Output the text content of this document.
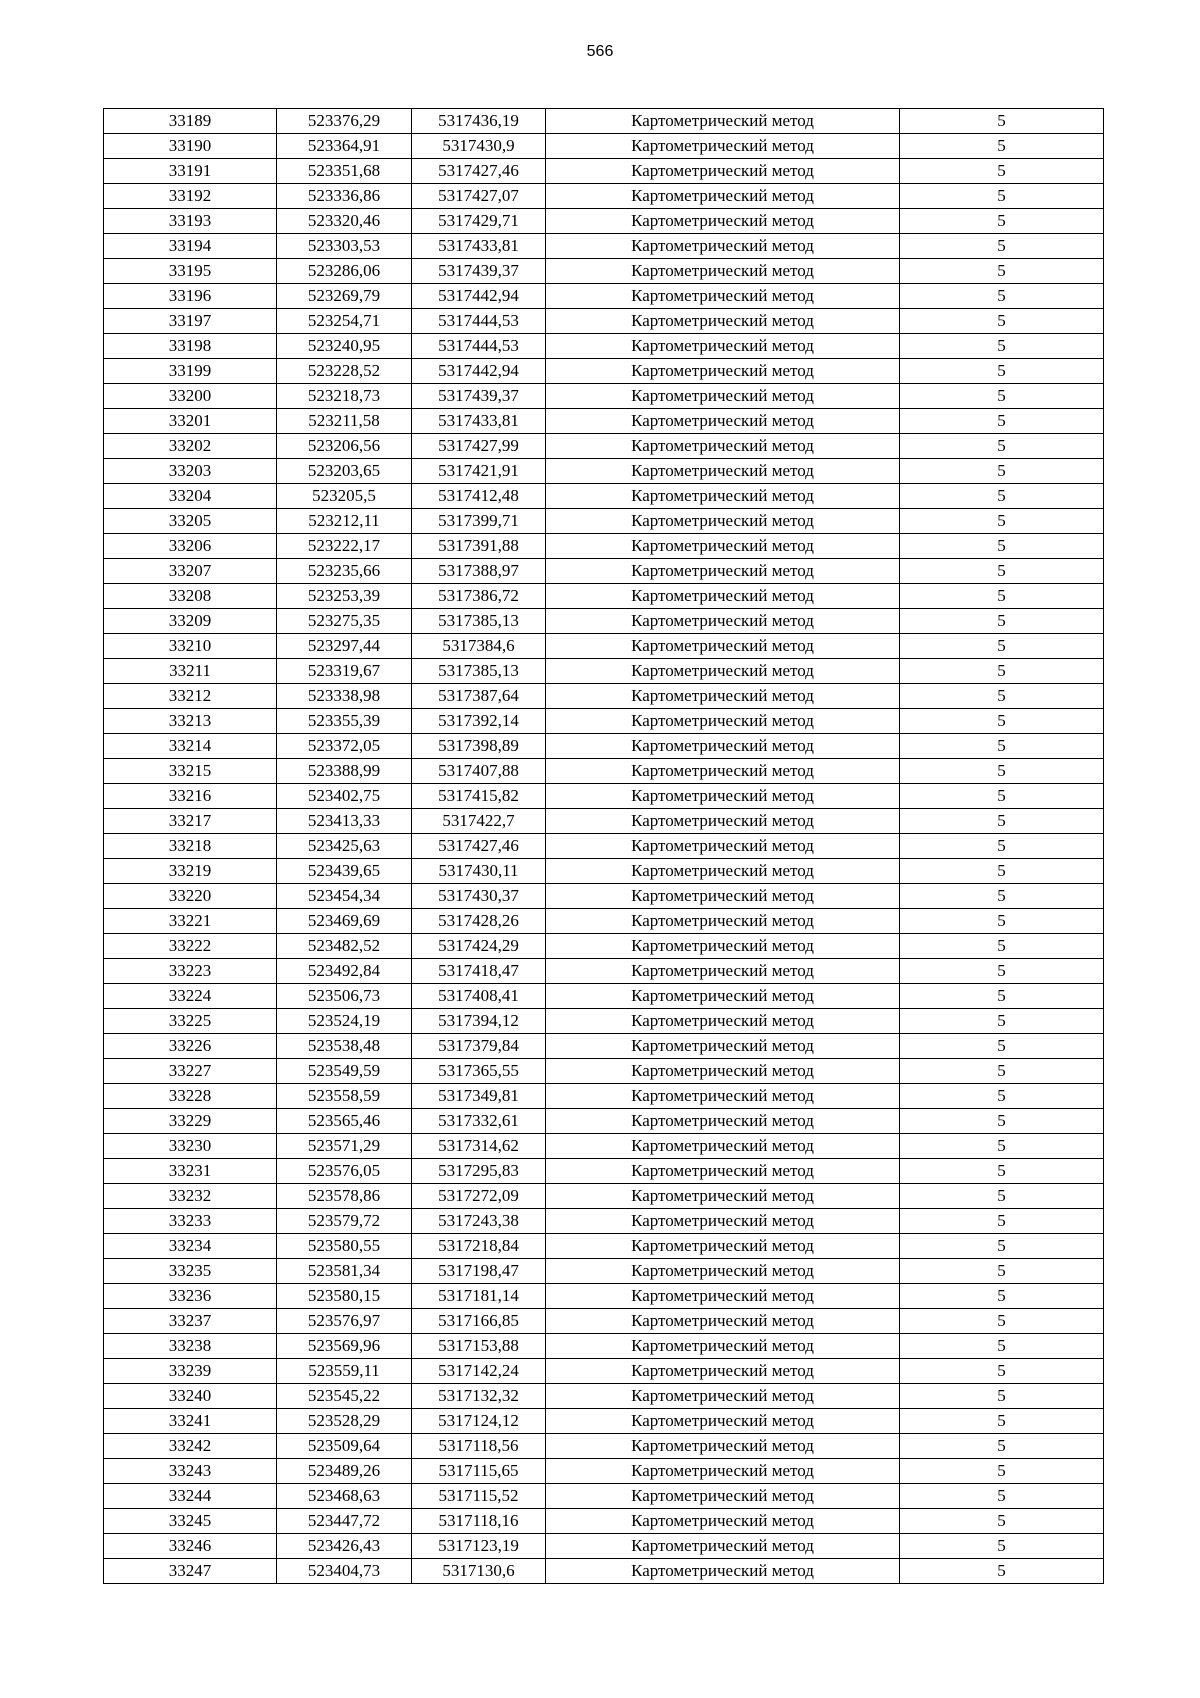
566
33189	523376,29	5317436,19	Картометрический метод	5
33190	523364,91	5317430,9	Картометрический метод	5
33191	523351,68	5317427,46	Картометрический метод	5
33192	523336,86	5317427,07	Картометрический метод	5
33193	523320,46	5317429,71	Картометрический метод	5
33194	523303,53	5317433,81	Картометрический метод	5
33195	523286,06	5317439,37	Картометрический метод	5
33196	523269,79	5317442,94	Картометрический метод	5
33197	523254,71	5317444,53	Картометрический метод	5
33198	523240,95	5317444,53	Картометрический метод	5
33199	523228,52	5317442,94	Картометрический метод	5
33200	523218,73	5317439,37	Картометрический метод	5
33201	523211,58	5317433,81	Картометрический метод	5
33202	523206,56	5317427,99	Картометрический метод	5
33203	523203,65	5317421,91	Картометрический метод	5
33204	523205,5	5317412,48	Картометрический метод	5
33205	523212,11	5317399,71	Картометрический метод	5
33206	523222,17	5317391,88	Картометрический метод	5
33207	523235,66	5317388,97	Картометрический метод	5
33208	523253,39	5317386,72	Картометрический метод	5
33209	523275,35	5317385,13	Картометрический метод	5
33210	523297,44	5317384,6	Картометрический метод	5
33211	523319,67	5317385,13	Картометрический метод	5
33212	523338,98	5317387,64	Картометрический метод	5
33213	523355,39	5317392,14	Картометрический метод	5
33214	523372,05	5317398,89	Картометрический метод	5
33215	523388,99	5317407,88	Картометрический метод	5
33216	523402,75	5317415,82	Картометрический метод	5
33217	523413,33	5317422,7	Картометрический метод	5
33218	523425,63	5317427,46	Картометрический метод	5
33219	523439,65	5317430,11	Картометрический метод	5
33220	523454,34	5317430,37	Картометрический метод	5
33221	523469,69	5317428,26	Картометрический метод	5
33222	523482,52	5317424,29	Картометрический метод	5
33223	523492,84	5317418,47	Картометрический метод	5
33224	523506,73	5317408,41	Картометрический метод	5
33225	523524,19	5317394,12	Картометрический метод	5
33226	523538,48	5317379,84	Картометрический метод	5
33227	523549,59	5317365,55	Картометрический метод	5
33228	523558,59	5317349,81	Картометрический метод	5
33229	523565,46	5317332,61	Картометрический метод	5
33230	523571,29	5317314,62	Картометрический метод	5
33231	523576,05	5317295,83	Картометрический метод	5
33232	523578,86	5317272,09	Картометрический метод	5
33233	523579,72	5317243,38	Картометрический метод	5
33234	523580,55	5317218,84	Картометрический метод	5
33235	523581,34	5317198,47	Картометрический метод	5
33236	523580,15	5317181,14	Картометрический метод	5
33237	523576,97	5317166,85	Картометрический метод	5
33238	523569,96	5317153,88	Картометрический метод	5
33239	523559,11	5317142,24	Картометрический метод	5
33240	523545,22	5317132,32	Картометрический метод	5
33241	523528,29	5317124,12	Картометрический метод	5
33242	523509,64	5317118,56	Картометрический метод	5
33243	523489,26	5317115,65	Картометрический метод	5
33244	523468,63	5317115,52	Картометрический метод	5
33245	523447,72	5317118,16	Картометрический метод	5
33246	523426,43	5317123,19	Картометрический метод	5
33247	523404,73	5317130,6	Картометрический метод	5
